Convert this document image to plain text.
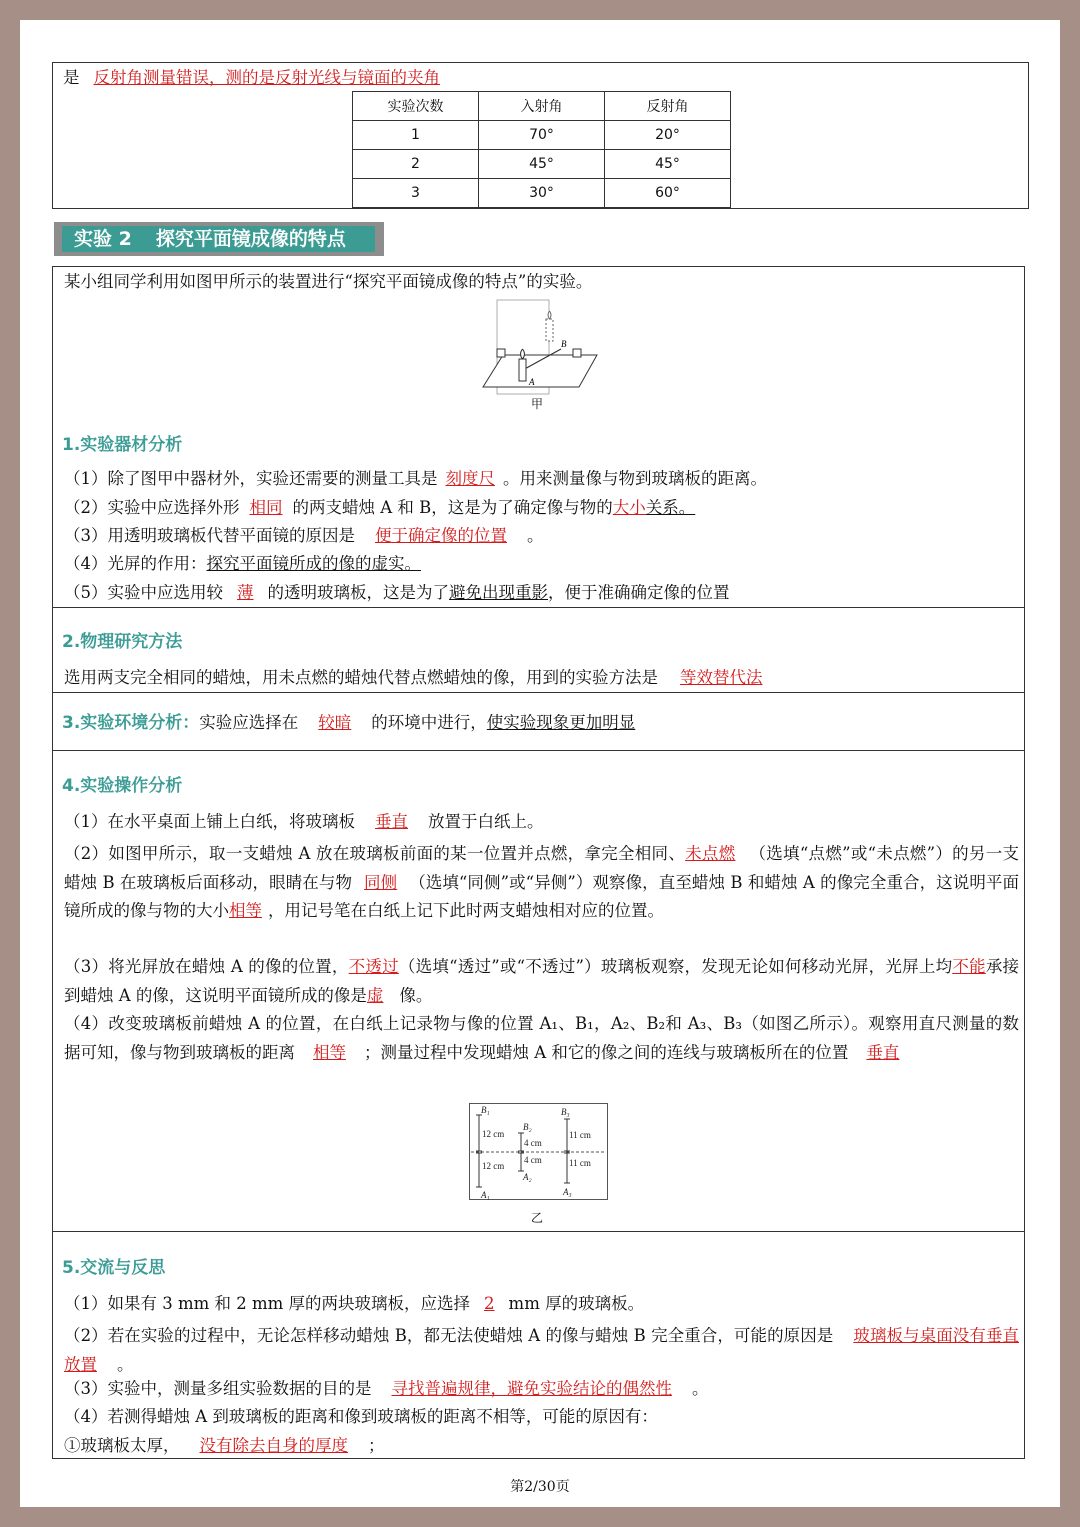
是 反射角测量错误，测的是反射光线与镜面的夹角
实验次数	入射角	反射角
1	70°	20°
2	45°	45°
3	30°	60°
实验 2 探究平面镜成像的特点
某小组同学利用如图甲所示的装置进行“探究平面镜成像的特点”的实验。
B
A
甲
1.实验器材分析
（1）除了图甲中器材外，实验还需要的测量工具是 刻度尺 。用来测量像与物到玻璃板的距离。
（2）实验中应选择外形 相同 的两支蜡烛 A 和 B，这是为了确定像与物的大小关系。
（3）用透明玻璃板代替平面镜的原因是 便于确定像的位置 。
（4）光屏的作用：探究平面镜所成的像的虚实。
（5）实验中应选用较 薄 的透明玻璃板，这是为了避免出现重影，便于准确确定像的位置
2.物理研究方法
选用两支完全相同的蜡烛，用未点燃的蜡烛代替点燃蜡烛的像，用到的实验方法是 等效替代法
3.实验环境分析：实验应选择在 较暗 的环境中进行，使实验现象更加明显
4.实验操作分析
（1）在水平桌面上铺上白纸，将玻璃板 垂直 放置于白纸上。
（2）如图甲所示，取一支蜡烛 A 放在玻璃板前面的某一位置并点燃，拿完全相同、未点燃 （选填“点燃”或“未点燃”）的另一支蜡烛 B 在玻璃板后面移动，眼睛在与物 同侧 （选填“同侧”或“异侧”）观察像，直至蜡烛 B 和蜡烛 A 的像完全重合，这说明平面镜所成的像与物的大小相等 ，用记号笔在白纸上记下此时两支蜡烛相对应的位置。
（3）将光屏放在蜡烛 A 的像的位置，不透过（选填“透过”或“不透过”）玻璃板观察，发现无论如何移动光屏，光屏上均不能承接到蜡烛 A 的像，这说明平面镜所成的像是虚 像。
（4）改变玻璃板前蜡烛 A 的位置，在白纸上记录物与像的位置 A₁、B₁，A₂、B₂和 A₃、B₃（如图乙所示）。观察用直尺测量的数据可知，像与物到玻璃板的距离 相等 ；测量过程中发现蜡烛 A 和它的像之间的连线与玻璃板所在的位置 垂直
B₁
B₂
B₃
A₁
A₂
A₃
12 cm
12 cm
4 cm
4 cm
11 cm
11 cm
乙
5.交流与反思
（1）如果有 3 mm 和 2 mm 厚的两块玻璃板，应选择 2 mm 厚的玻璃板。
（2）若在实验的过程中，无论怎样移动蜡烛 B，都无法使蜡烛 A 的像与蜡烛 B 完全重合，可能的原因是 玻璃板与桌面没有垂直放置 。
（3）实验中，测量多组实验数据的目的是 寻找普遍规律，避免实验结论的偶然性 。
（4）若测得蜡烛 A 到玻璃板的距离和像到玻璃板的距离不相等，可能的原因有：
①玻璃板太厚， 没有除去自身的厚度 ；
第2/30页
